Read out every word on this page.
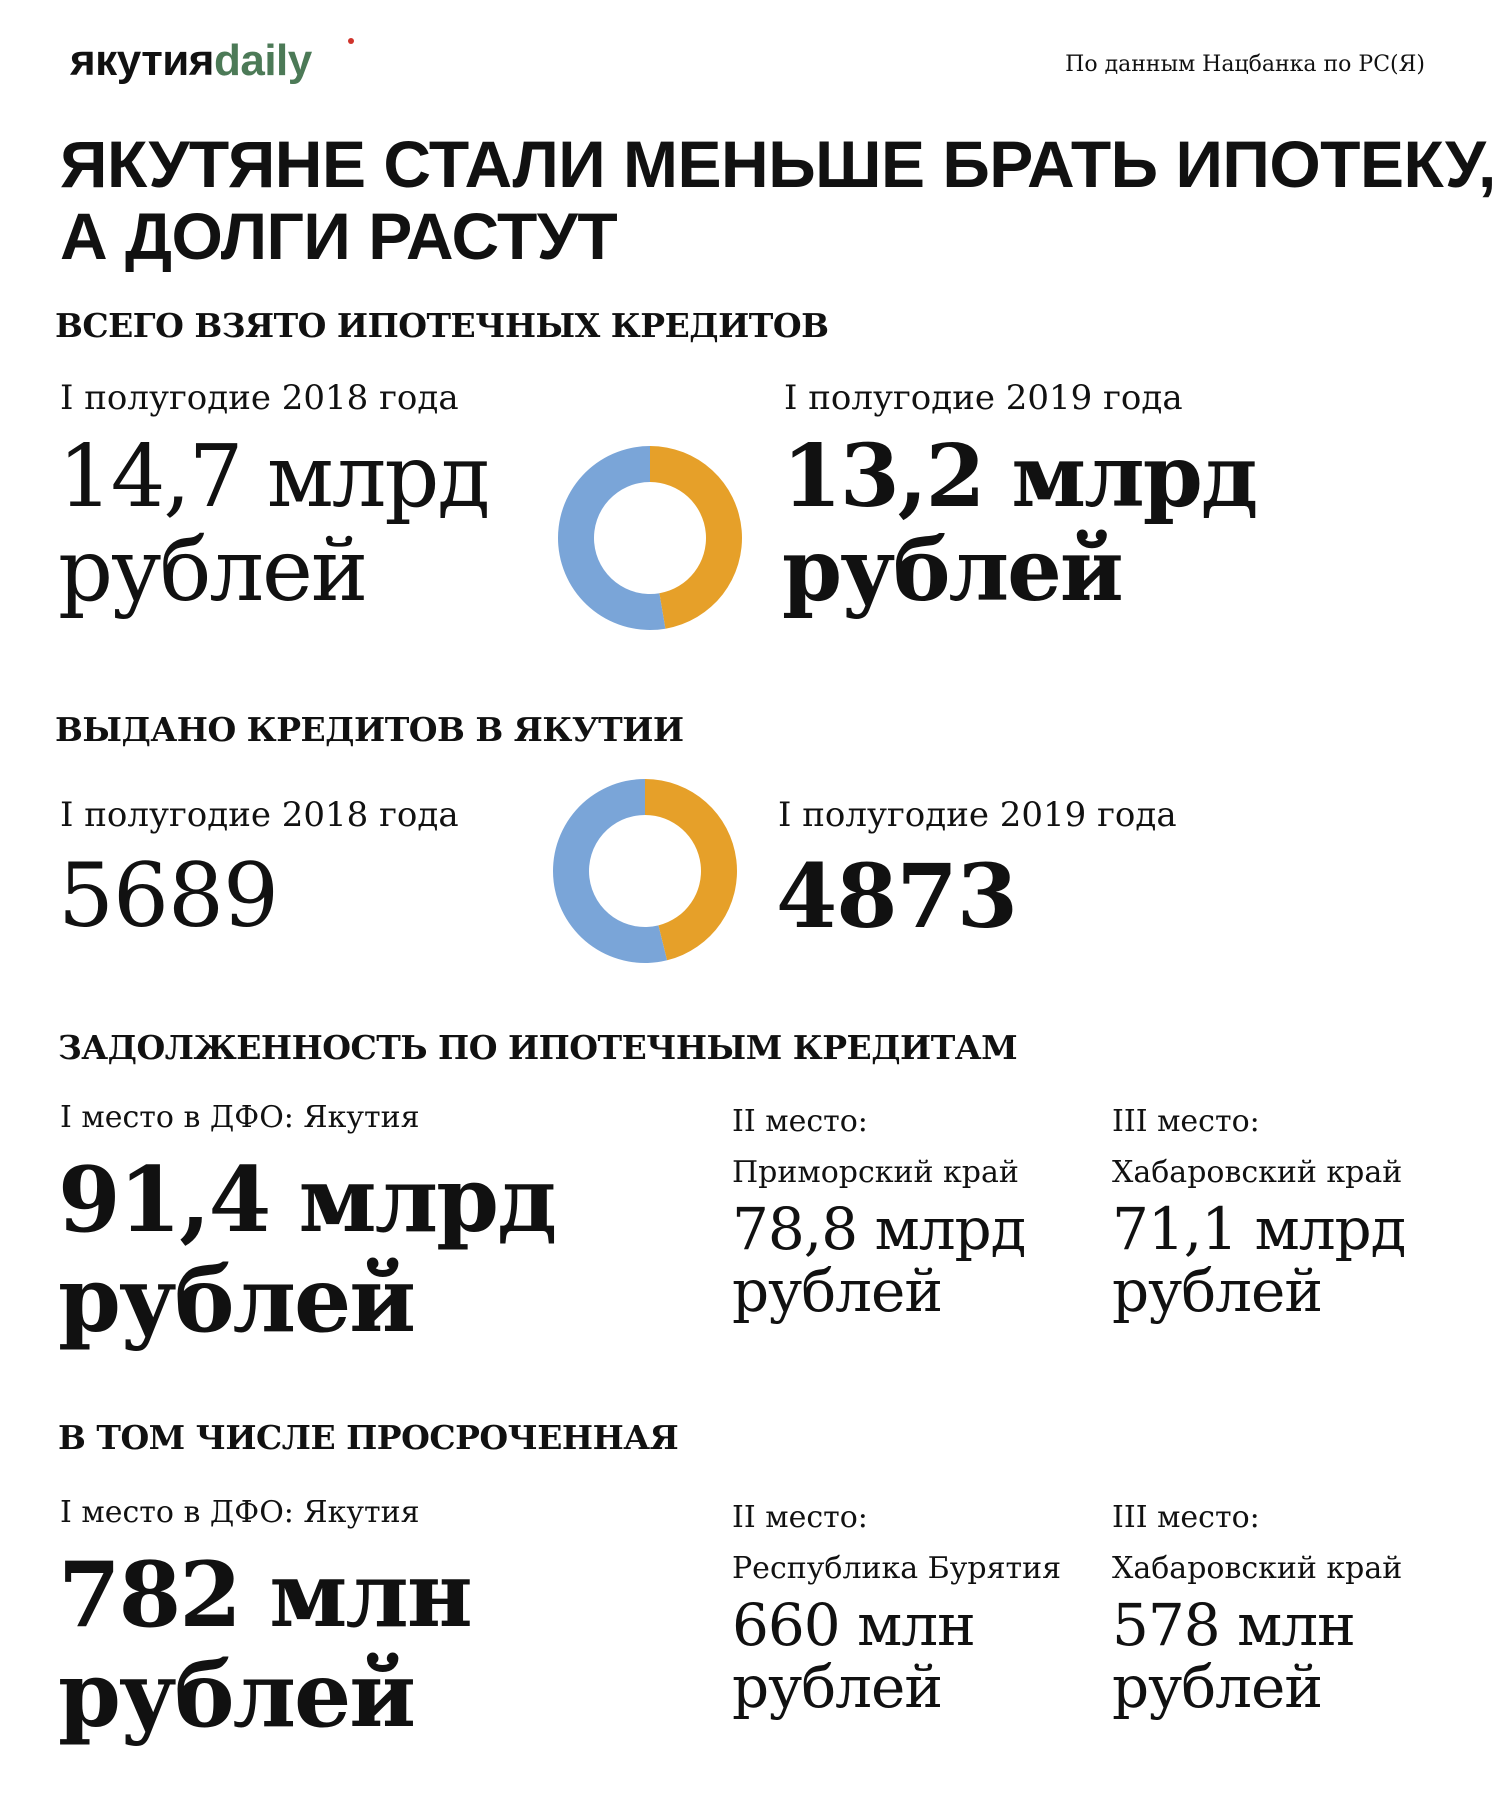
якутияdaily	По данным Нацбанка по РС(Я)
ЯКУТЯНЕ СТАЛИ МЕНЬШЕ БРАТЬ ИПОТЕКУ,
А ДОЛГИ РАСТУТ
ВСЕГО ВЗЯТО ИПОТЕЧНЫХ КРЕДИТОВ
I полугодие 2018 года
14,7 млрд
рублей
I полугодие 2019 года
13,2 млрд
рублей
ВЫДАНО КРЕДИТОВ В ЯКУТИИ
I полугодие 2018 года
5689
I полугодие 2019 года
4873
ЗАДОЛЖЕННОСТЬ ПО ИПОТЕЧНЫМ КРЕДИТАМ
I место в ДФО: Якутия
91,4 млрд
рублей
II место:
Приморский край
78,8 млрд
рублей
III место:
Хабаровский край
71,1 млрд
рублей
В ТОМ ЧИСЛЕ ПРОСРОЧЕННАЯ
I место в ДФО: Якутия
782 млн
рублей
II место:
Республика Бурятия
660 млн
рублей
III место:
Хабаровский край
578 млн
рублей
